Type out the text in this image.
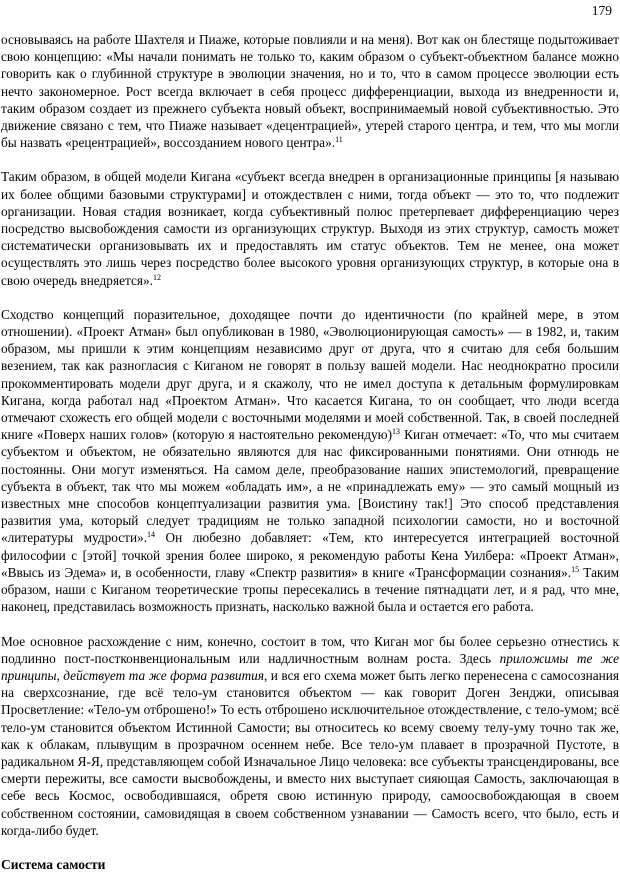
179

основываясь на работе Шахтеля и Пиаже, которые повлияли и на меня). Вот как он блестяще подытоживает свою концепцию: «Мы начали понимать не только то, каким образом о субъект-объектном балансе можно говорить как о глубинной структуре в эволюции значения, но и то, что в самом процессе эволюции есть нечто закономерное. Рост всегда включает в себя процесс дифференциации, выхода из внедренности и, таким образом создает из прежнего субъекта новый объект, воспринимаемый новой субъективностью. Это движение связано с тем, что Пиаже называет «децентрацией», утерей старого центра, и тем, что мы могли бы назвать «рецентрацией», воссозданием нового центра».$^{11}$

Таким образом, в общей модели Кигана «субъект всегда внедрен в организационные принципы [я называю их более общими базовыми структурами] и отождествлен с ними, тогда объект — это то, что подлежит организации. Новая стадия возникает, когда субъективный полюс претерпевает дифференциацию через посредство высвобождения самости из организующих структур. Выходя из этих структур, самость может систематически организовывать их и предоставлять им статус объектов. Тем не менее, она может осуществлять это лишь через посредство более высокого уровня организующих структур, в которые она в свою очередь внедряется».$^{12}$

Сходство концепций поразительное, доходящее почти до идентичности (по крайней мере, в этом отношении). «Проект Атман» был опубликован в 1980, «Эволюционирующая самость» — в 1982, и, таким образом, мы пришли к этим концепциям независимо друг от друга, что я считаю для себя большим везением, так как разногласия с Киганом не говорят в пользу вашей модели. Нас неоднократно просили прокомментировать модели друг друга, и я скажолу, что не имел доступа к детальным формулировкам Кигана, когда работал над «Проектом Атман». Что касается Кигана, то он сообщает, что люди всегда отмечают схожесть его общей модели с восточными моделями и моей собственной. Так, в своей последней книге «Поверх наших голов» (которую я настоятельно рекомендую)$^{13}$ Киган отмечает: «То, что мы считаем субъектом и объектом, не обязательно являются для нас фиксированными понятиями. Они отнюдь не постоянны. Они могут изменяться. На самом деле, преобразование наших эпистемологий, превращение субъекта в объект, так что мы можем «обладать им», а не «принадлежать ему» — это самый мощный из известных мне способов концептуализации развития ума. [Воистину так!] Это способ представления развития ума, который следует традициям не только западной психологии самости, но и восточной «литературы мудрости».$^{14}$ Он любезно добавляет: «Тем, кто интересуется интеграцией восточной философии с [этой] точкой зрения более широко, я рекомендую работы Кена Уилбера: «Проект Атман», «Ввысь из Эдема» и, в особенности, главу «Спектр развития» в книге «Трансформации сознания».$^{15}$ Таким образом, наши с Киганом теоретические тропы пересекались в течение пятнадцати лет, и я рад, что мне, наконец, представилась возможность признать, насколько важной была и остается его работа.

Мое основное расхождение с ним, конечно, состоит в том, что Киган мог бы более серьезно отнестись к подлинно пост-постконвенциональным или надличностным волнам роста. Здесь приложимы те же принципы, действует та же форма развития, и вся его схема может быть легко перенесена с самосознания на сверхсознание, где всё тело-ум становится объектом — как говорит Доген Зенджи, описывая Просветление: «Тело-ум отброшено!» То есть отброшено исключительное отождествление, с тело-умом; всё тело-ум становится объектом Истинной Самости; вы относитесь ко всему своему телу-уму точно так же, как к облакам, плывущим в прозрачном осеннем небе. Все тело-ум плавает в прозрачной Пустоте, в радикальном Я-Я, представляющем собой Изначальное Лицо человека: все субъекты трансцендированы, все смерти пережиты, все самости высвобождены, и вместо них выступает сияющая Самость, заключающая в себе весь Космос, освободившаяся, обретя свою истинную природу, самоосвобождающая в своем собственном состоянии, самовидящая в своем собственном узнавании — Самость всего, что было, есть и когда-либо будет.

Система самости
